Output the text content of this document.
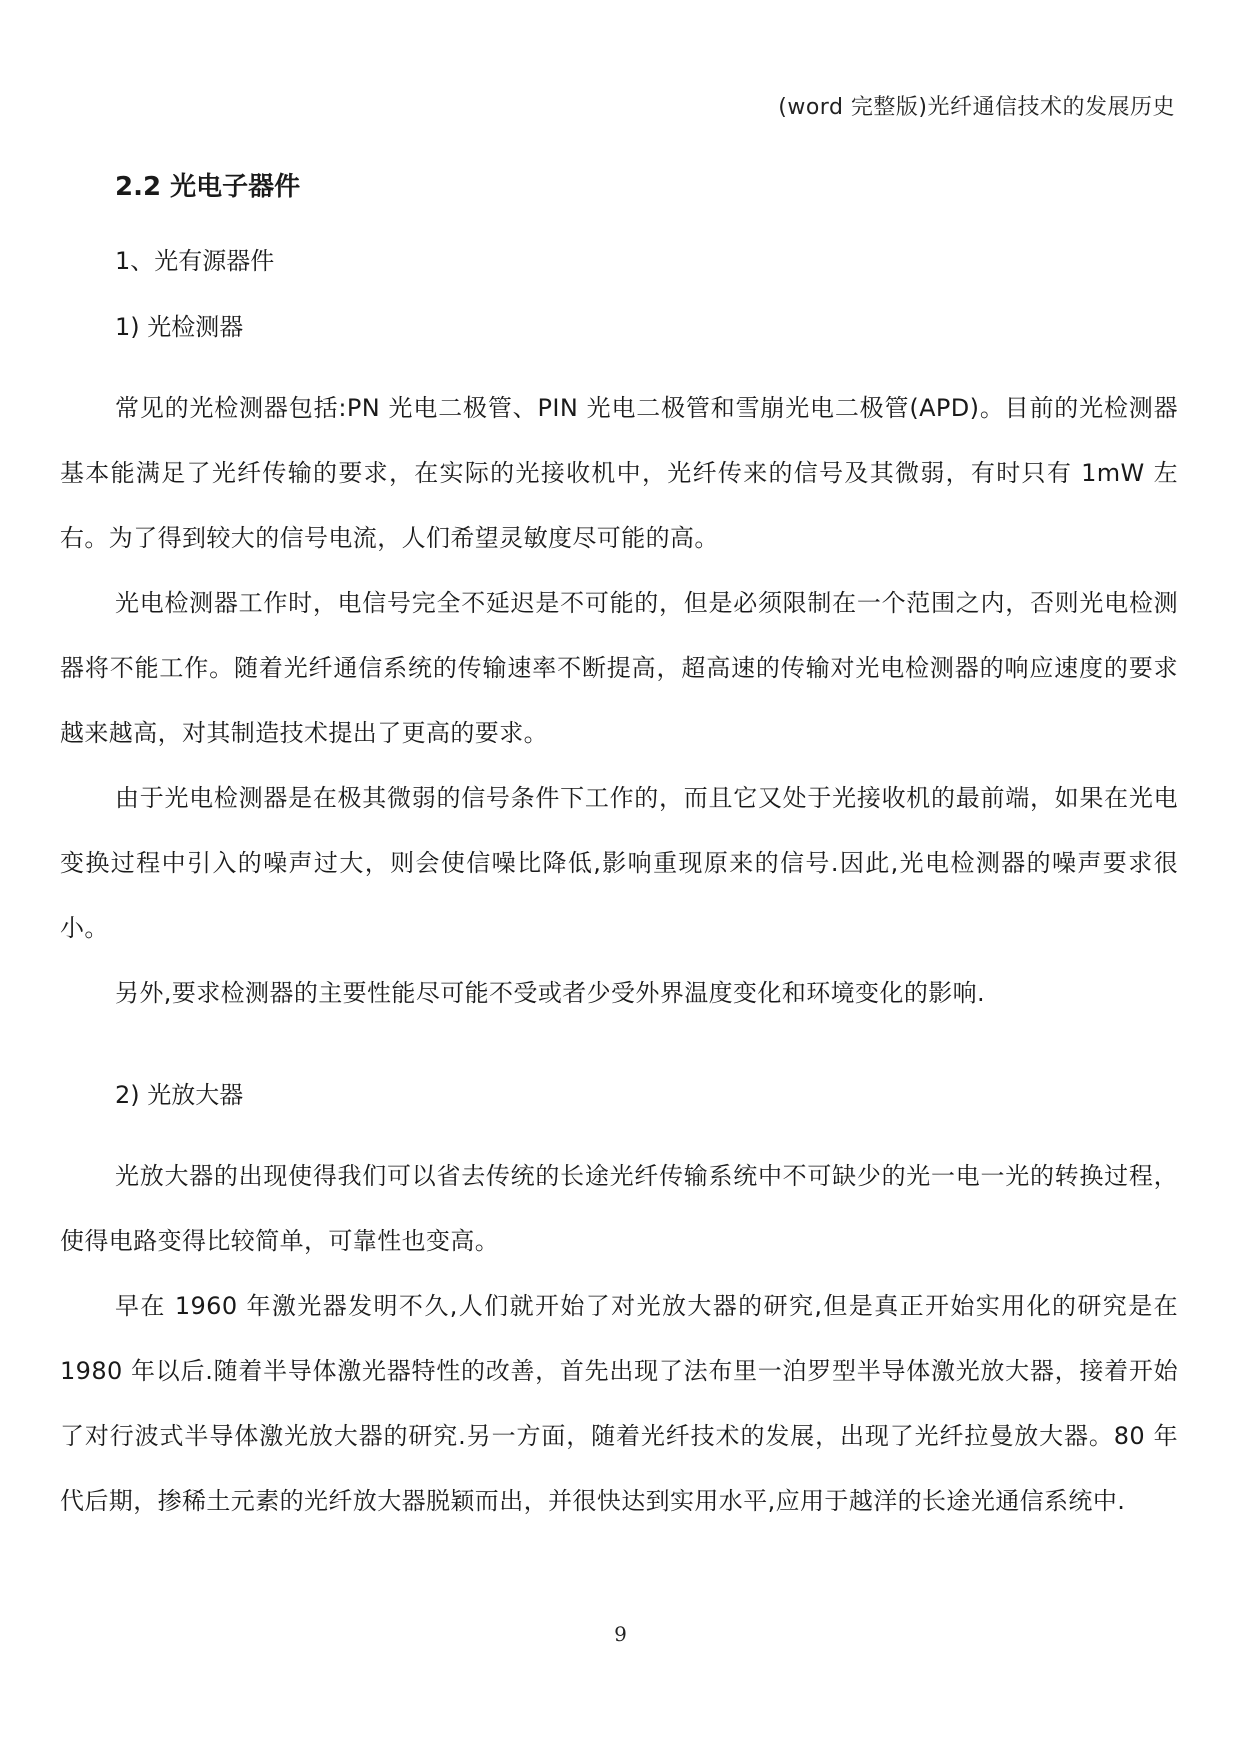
(word 完整版)光纤通信技术的发展历史
2.2 光电子器件
1、光有源器件
1) 光检测器

常见的光检测器包括:PN 光电二极管、PIN 光电二极管和雪崩光电二极管(APD)。目前的光检测器基本能满足了光纤传输的要求，在实际的光接收机中，光纤传来的信号及其微弱，有时只有 1mW 左右。为了得到较大的信号电流，人们希望灵敏度尽可能的高。

光电检测器工作时，电信号完全不延迟是不可能的，但是必须限制在一个范围之内，否则光电检测器将不能工作。随着光纤通信系统的传输速率不断提高，超高速的传输对光电检测器的响应速度的要求越来越高，对其制造技术提出了更高的要求。

由于光电检测器是在极其微弱的信号条件下工作的，而且它又处于光接收机的最前端，如果在光电变换过程中引入的噪声过大，则会使信噪比降低,影响重现原来的信号.因此,光电检测器的噪声要求很小。

另外,要求检测器的主要性能尽可能不受或者少受外界温度变化和环境变化的影响.

2) 光放大器

光放大器的出现使得我们可以省去传统的长途光纤传输系统中不可缺少的光一电一光的转换过程，使得电路变得比较简单，可靠性也变高。

早在 1960 年激光器发明不久,人们就开始了对光放大器的研究,但是真正开始实用化的研究是在 1980 年以后.随着半导体激光器特性的改善，首先出现了法布里一泊罗型半导体激光放大器，接着开始了对行波式半导体激光放大器的研究.另一方面，随着光纤技术的发展，出现了光纤拉曼放大器。80 年代后期，掺稀土元素的光纤放大器脱颖而出，并很快达到实用水平,应用于越洋的长途光通信系统中.

9
